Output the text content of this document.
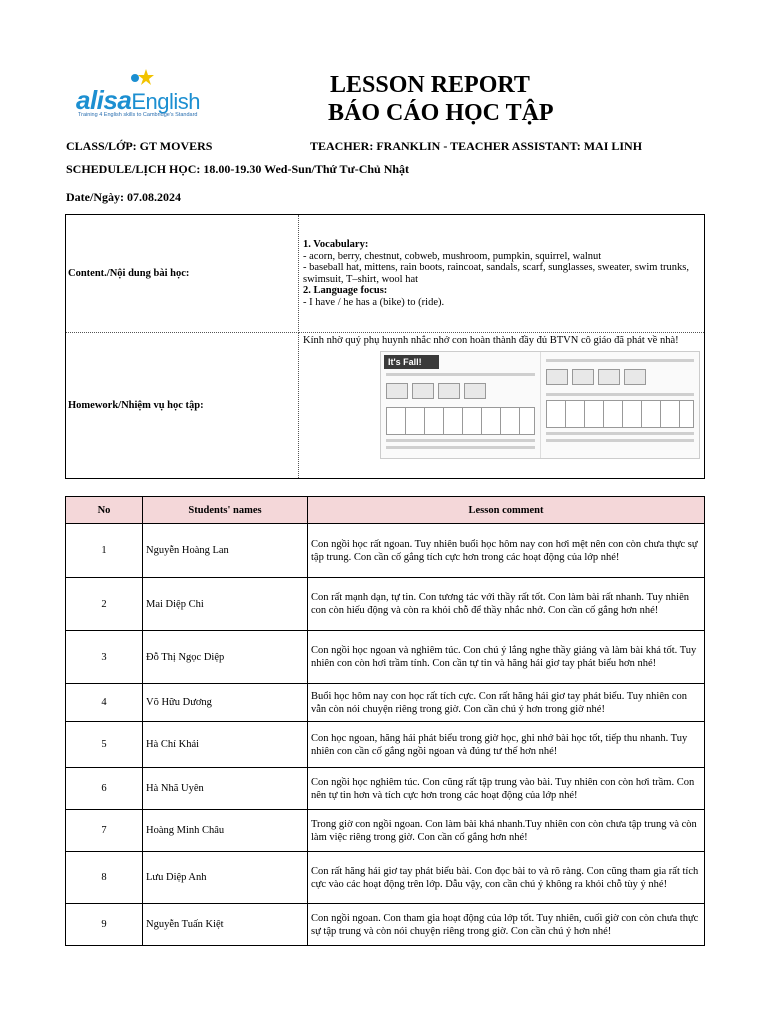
alisaEnglish
Training 4 English skills to Cambridge's Standard
LESSON REPORT
BÁO CÁO HỌC TẬP
CLASS/LỚP: GT MOVERS	TEACHER: FRANKLIN - TEACHER ASSISTANT: MAI LINH
SCHEDULE/LỊCH HỌC: 18.00-19.30 Wed-Sun/Thứ Tư-Chủ Nhật
Date/Ngày: 07.08.2024
Content./Nội dung bài học:	1. Vocabulary:
- acorn, berry, chestnut, cobweb, mushroom, pumpkin, squirrel, walnut
- baseball hat, mittens, rain boots, raincoat, sandals, scarf, sunglasses, sweater, swim trunks, swimsuit, T–shirt, wool hat
2. Language focus:
- I have / he has a (bike) to (ride).

Homework/Nhiệm vụ học tập:	Kính nhờ quý phụ huynh nhắc nhở con hoàn thành đầy đủ BTVN cô giáo đã phát về nhà!
It's Fall!
No	Students' names	Lesson comment
1	Nguyễn Hoàng Lan	Con ngồi học rất ngoan. Tuy nhiên buổi học hôm nay con hơi mệt nên con còn chưa thực sự tập trung. Con cần cố gắng tích cực hơn trong các hoạt động của lớp nhé!
2	Mai Diệp Chi	Con rất mạnh dạn, tự tin. Con tương tác với thầy rất tốt. Con làm bài rất nhanh. Tuy nhiên con còn hiếu động và còn ra khỏi chỗ để thầy nhắc nhở. Con cần cố gắng hơn nhé!
3	Đỗ Thị Ngọc Diệp	Con ngồi học ngoan và nghiêm túc. Con chú ý lắng nghe thầy giảng và làm bài khá tốt. Tuy nhiên con còn hơi trầm tính. Con cần tự tin và hăng hái giơ tay phát biểu hơn nhé!
4	Võ Hữu Dương	Buổi học hôm nay con học rất tích cực. Con rất hăng hái giơ tay phát biểu. Tuy nhiên con vẫn còn nói chuyện riêng trong giờ. Con cần chú ý hơn trong giờ nhé!
5	Hà Chí Khải	Con học ngoan, hăng hái phát biểu trong giờ học, ghi nhớ bài học tốt, tiếp thu nhanh. Tuy nhiên con cần cố gắng ngồi ngoan và đúng tư thế hơn nhé!
6	Hà Nhã Uyên	Con ngồi học nghiêm túc. Con cũng rất tập trung vào bài. Tuy nhiên con còn hơi trầm. Con nên tự tin hơn và tích cực hơn trong các hoạt động của lớp nhé!
7	Hoàng Minh Châu	Trong giờ con ngồi ngoan. Con làm bài khá nhanh.Tuy nhiên con còn chưa tập trung và còn làm việc riêng trong giờ. Con cần cố gắng hơn nhé!
8	Lưu Diệp Anh	Con rất hăng hái giơ tay phát biểu bài. Con đọc bài to và rõ ràng. Con cũng tham gia rất tích cực vào các hoạt động trên lớp. Dẫu vậy, con cần chú ý không ra khỏi chỗ tùy ý nhé!
9	Nguyễn Tuấn Kiệt	Con ngồi ngoan. Con tham gia hoạt động của lớp tốt. Tuy nhiên, cuối giờ con còn chưa thực sự tập trung và còn nói chuyện riêng trong giờ. Con cần chú ý hơn nhé!
